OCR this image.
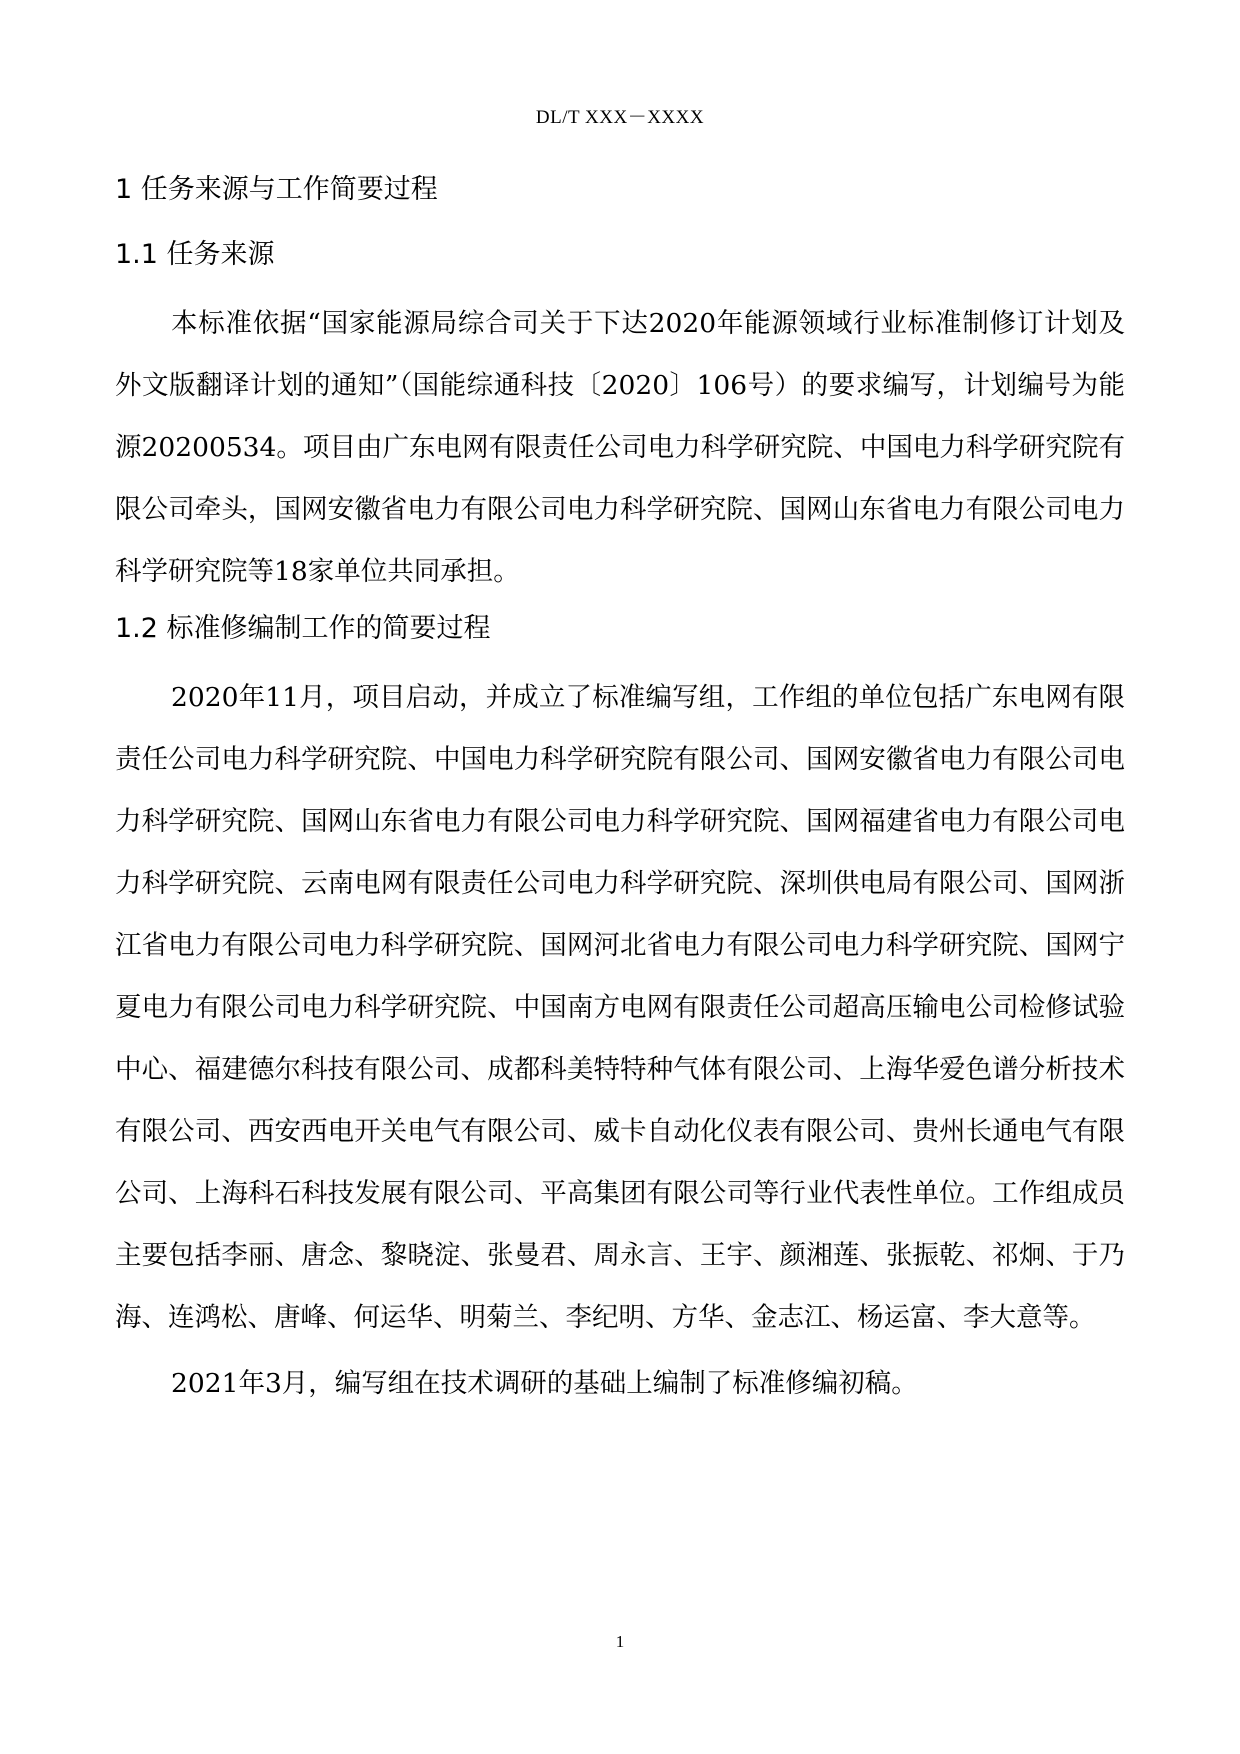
DL/T XXX－XXXX
1 任务来源与工作简要过程
1.1 任务来源

本标准依据“国家能源局综合司关于下达2020年能源领域行业标准制修订计划及外文版翻译计划的通知”（国能综通科技〔2020〕106号）的要求编写，计划编号为能源20200534。项目由广东电网有限责任公司电力科学研究院、中国电力科学研究院有限公司牵头，国网安徽省电力有限公司电力科学研究院、国网山东省电力有限公司电力科学研究院等18家单位共同承担。

1.2 标准修编制工作的简要过程

2020年11月，项目启动，并成立了标准编写组，工作组的单位包括广东电网有限责任公司电力科学研究院、中国电力科学研究院有限公司、国网安徽省电力有限公司电力科学研究院、国网山东省电力有限公司电力科学研究院、国网福建省电力有限公司电力科学研究院、云南电网有限责任公司电力科学研究院、深圳供电局有限公司、国网浙江省电力有限公司电力科学研究院、国网河北省电力有限公司电力科学研究院、国网宁夏电力有限公司电力科学研究院、中国南方电网有限责任公司超高压输电公司检修试验中心、福建德尔科技有限公司、成都科美特特种气体有限公司、上海华爱色谱分析技术有限公司、西安西电开关电气有限公司、威卡自动化仪表有限公司、贵州长通电气有限公司、上海科石科技发展有限公司、平高集团有限公司等行业代表性单位。工作组成员主要包括李丽、唐念、黎晓淀、张曼君、周永言、王宇、颜湘莲、张振乾、祁炯、于乃海、连鸿松、唐峰、何运华、明菊兰、李纪明、方华、金志江、杨运富、李大意等。

2021年3月，编写组在技术调研的基础上编制了标准修编初稿。

1
